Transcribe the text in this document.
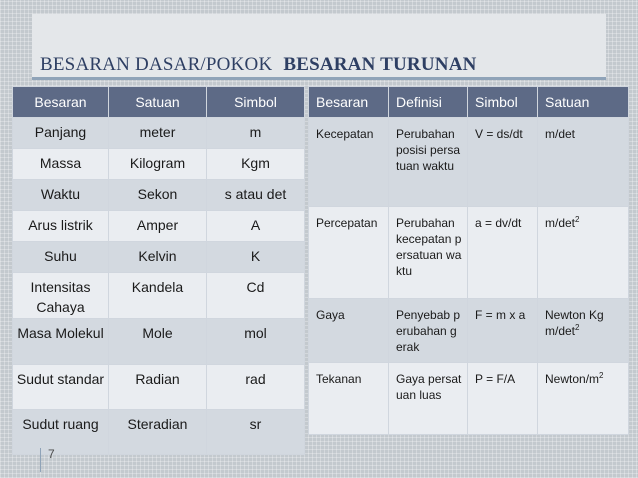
BESARAN DASAR/POKOK BESARAN TURUNAN
Besaran	Satuan	Simbol
Panjang	meter	m
Massa	Kilogram	Kgm
Waktu	Sekon	s atau det
Arus listrik	Amper	A
Suhu	Kelvin	K
Intensitas Cahaya	Kandela	Cd
Masa Molekul	Mole	mol
Sudut standar	Radian	rad
Sudut ruang	Steradian	sr
Besaran	Definisi	Simbol	Satuan
Kecepatan	Perubahan posisi persatuan waktu	V = ds/dt	m/det
Percepatan	Perubahan kecepatan persatuan waktu	a = dv/dt	$m/\det^2$
Gaya	Penyebab perubahan gerak	F = m x a	Newton Kg $m/\det^2$
Tekanan	Gaya persatuan luas	P = F/A	Newton/$m^2$
7
